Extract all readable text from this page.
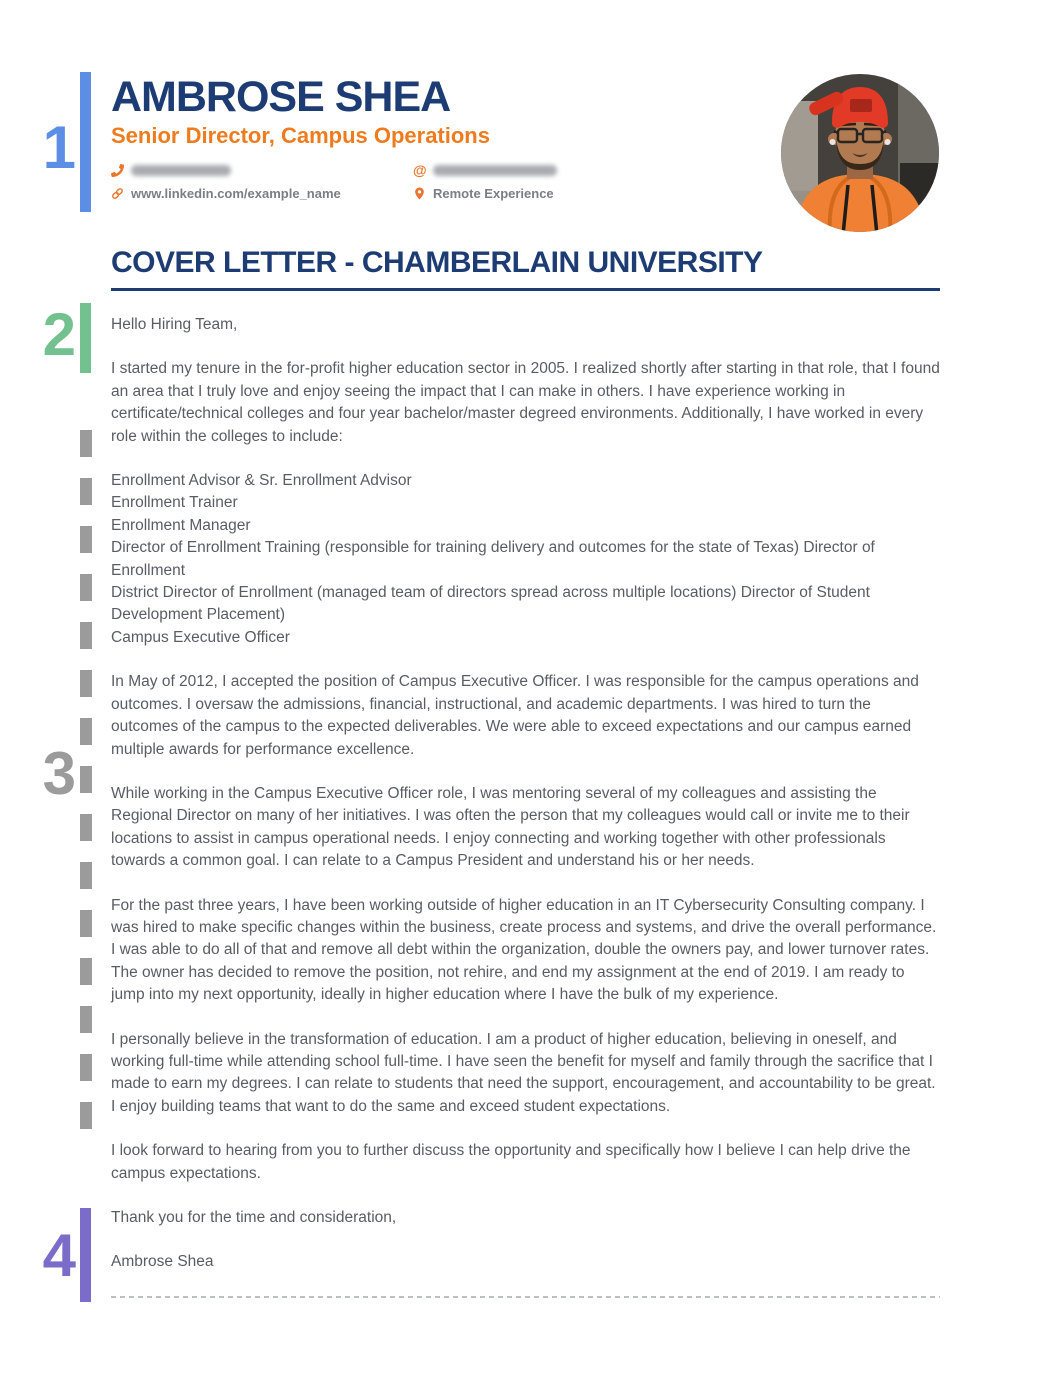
1
2
3
4
AMBROSE SHEA
Senior Director, Campus Operations
@
www.linkedin.com/example_name	Remote Experience
COVER LETTER - CHAMBERLAIN UNIVERSITY

Hello Hiring Team,

I started my tenure in the for-profit higher education sector in 2005. I realized shortly after starting in that role, that I found an area that I truly love and enjoy seeing the impact that I can make in others. I have experience working in certificate/technical colleges and four year bachelor/master degreed environments. Additionally, I have worked in every role within the colleges to include:

Enrollment Advisor & Sr. Enrollment Advisor
Enrollment Trainer
Enrollment Manager
Director of Enrollment Training (responsible for training delivery and outcomes for the state of Texas) Director of Enrollment
District Director of Enrollment (managed team of directors spread across multiple locations) Director of Student Development Placement)
Campus Executive Officer

In May of 2012, I accepted the position of Campus Executive Officer. I was responsible for the campus operations and outcomes. I oversaw the admissions, financial, instructional, and academic departments. I was hired to turn the outcomes of the campus to the expected deliverables. We were able to exceed expectations and our campus earned multiple awards for performance excellence.

While working in the Campus Executive Officer role, I was mentoring several of my colleagues and assisting the Regional Director on many of her initiatives. I was often the person that my colleagues would call or invite me to their locations to assist in campus operational needs. I enjoy connecting and working together with other professionals towards a common goal. I can relate to a Campus President and understand his or her needs.

For the past three years, I have been working outside of higher education in an IT Cybersecurity Consulting company. I was hired to make specific changes within the business, create process and systems, and drive the overall performance. I was able to do all of that and remove all debt within the organization, double the owners pay, and lower turnover rates. The owner has decided to remove the position, not rehire, and end my assignment at the end of 2019. I am ready to jump into my next opportunity, ideally in higher education where I have the bulk of my experience.

I personally believe in the transformation of education. I am a product of higher education, believing in oneself, and working full-time while attending school full-time. I have seen the benefit for myself and family through the sacrifice that I made to earn my degrees. I can relate to students that need the support, encouragement, and accountability to be great. I enjoy building teams that want to do the same and exceed student expectations.

I look forward to hearing from you to further discuss the opportunity and specifically how I believe I can help drive the campus expectations.

Thank you for the time and consideration,

Ambrose Shea
